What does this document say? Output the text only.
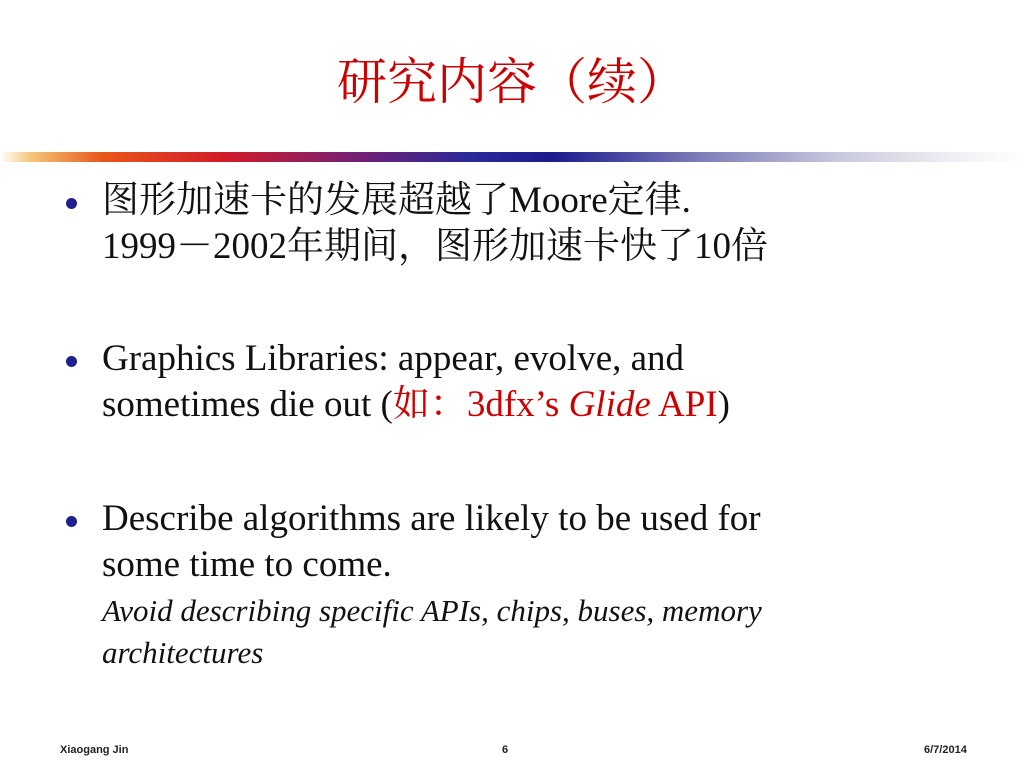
研究内容（续）
图形加速卡的发展超越了Moore定律.
1999－2002年期间，图形加速卡快了10倍
Graphics Libraries: appear, evolve, and
sometimes die out (如：3dfx’s Glide API)
Describe algorithms are likely to be used for
some time to come.
Avoid describing specific APIs, chips, buses, memory
architectures
Xiaogang Jin	6	6/7/2014
